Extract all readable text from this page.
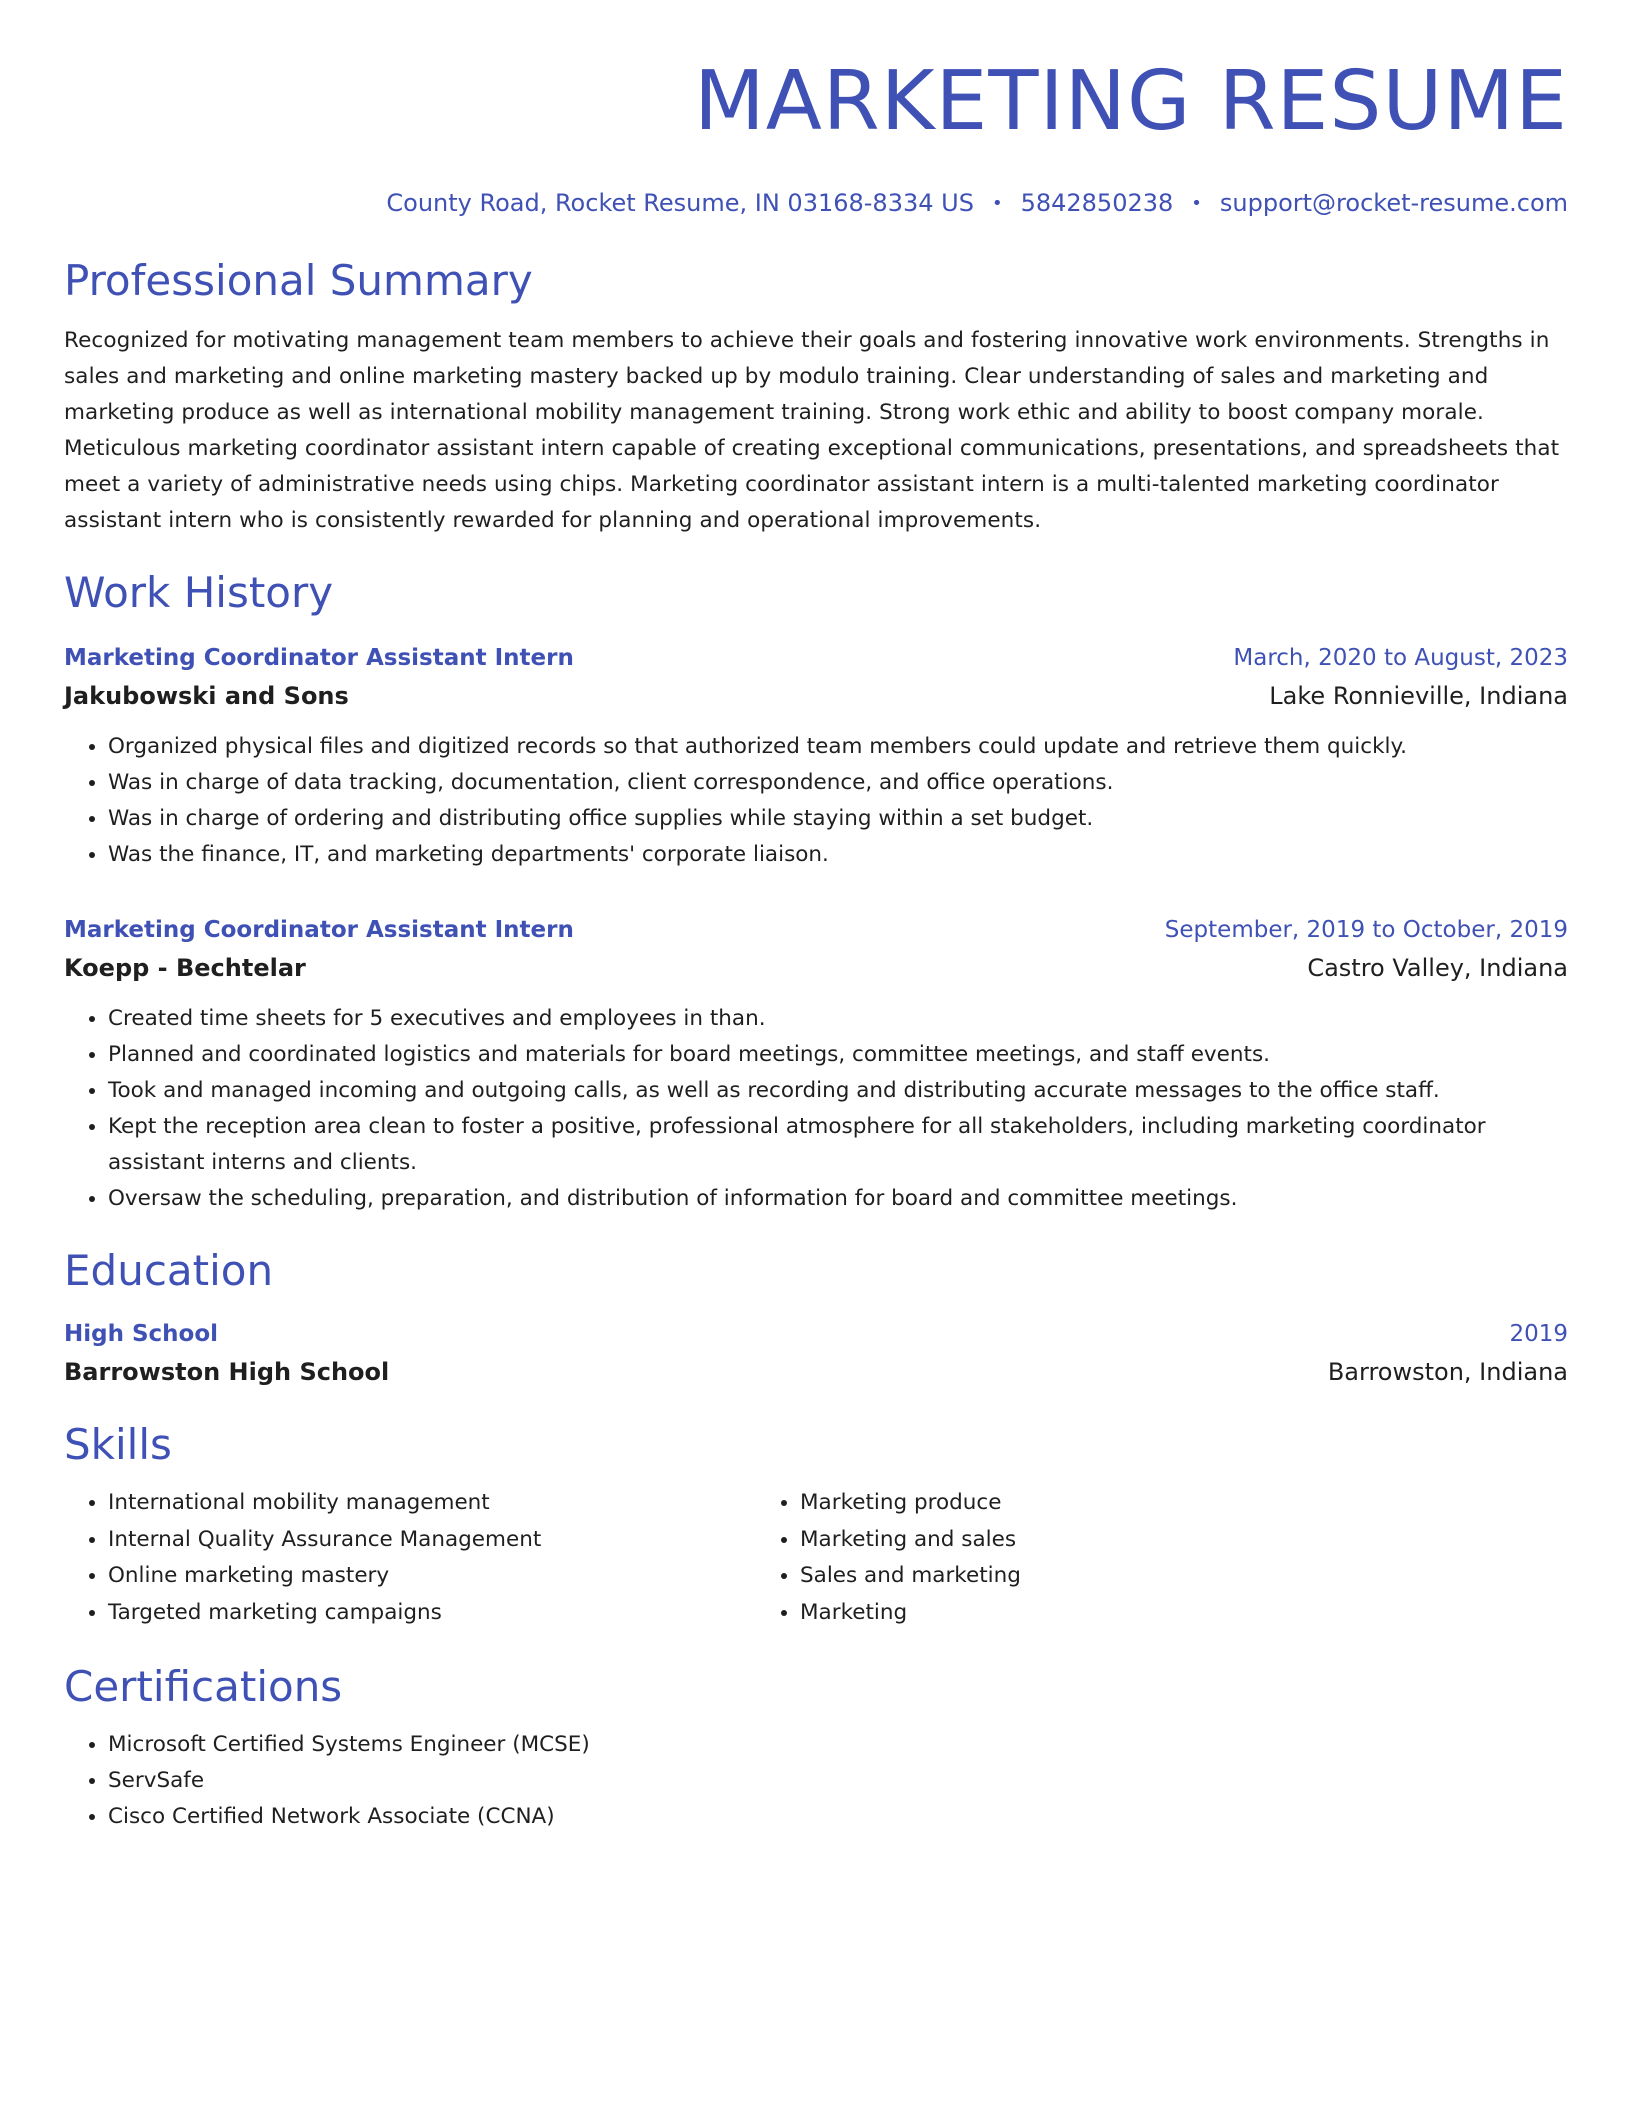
MARKETING RESUME
County Road, Rocket Resume, IN 03168-8334 US • 5842850238 • support@rocket-resume.com
Professional Summary

Recognized for motivating management team members to achieve their goals and fostering innovative work environments. Strengths in sales and marketing and online marketing mastery backed up by modulo training. Clear understanding of sales and marketing and marketing produce as well as international mobility management training. Strong work ethic and ability to boost company morale. Meticulous marketing coordinator assistant intern capable of creating exceptional communications, presentations, and spreadsheets that meet a variety of administrative needs using chips. Marketing coordinator assistant intern is a multi-talented marketing coordinator assistant intern who is consistently rewarded for planning and operational improvements.

Work History
Marketing Coordinator Assistant Intern	March, 2020 to August, 2023
Jakubowski and Sons	Lake Ronnieville, Indiana
• Organized physical files and digitized records so that authorized team members could update and retrieve them quickly.
• Was in charge of data tracking, documentation, client correspondence, and office operations.
• Was in charge of ordering and distributing office supplies while staying within a set budget.
• Was the finance, IT, and marketing departments' corporate liaison.
Marketing Coordinator Assistant Intern	September, 2019 to October, 2019
Koepp - Bechtelar	Castro Valley, Indiana
• Created time sheets for 5 executives and employees in than.
• Planned and coordinated logistics and materials for board meetings, committee meetings, and staff events.
• Took and managed incoming and outgoing calls, as well as recording and distributing accurate messages to the office staff.
• Kept the reception area clean to foster a positive, professional atmosphere for all stakeholders, including marketing coordinator assistant interns and clients.
• Oversaw the scheduling, preparation, and distribution of information for board and committee meetings.
Education
High School	2019
Barrowston High School	Barrowston, Indiana
Skills
• International mobility management
• Internal Quality Assurance Management
• Online marketing mastery
• Targeted marketing campaigns
• Marketing produce
• Marketing and sales
• Sales and marketing
• Marketing
Certifications
• Microsoft Certified Systems Engineer (MCSE)
• ServSafe
• Cisco Certified Network Associate (CCNA)
